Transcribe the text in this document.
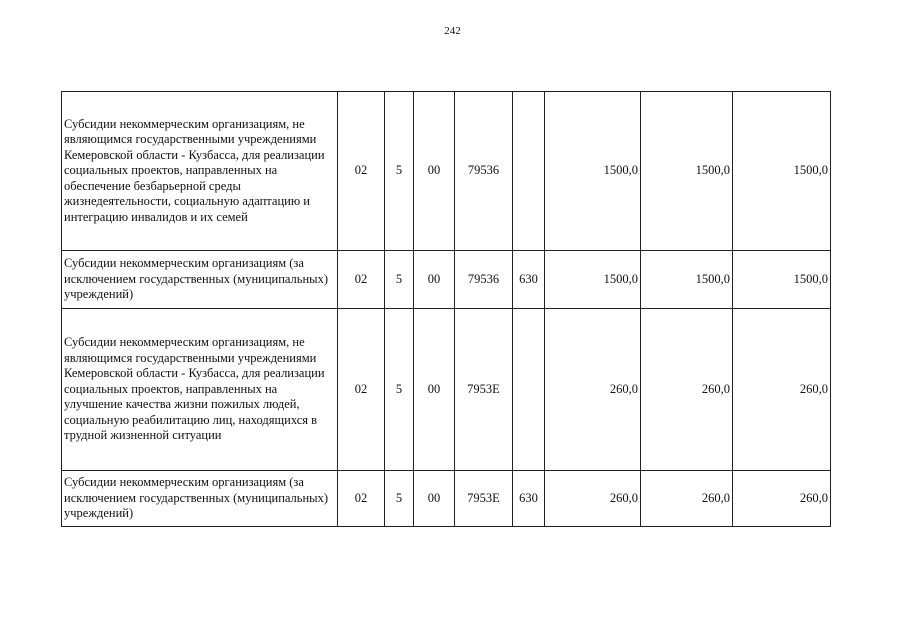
242
Субсидии некоммерческим организациям, не являющимся государственными учреждениями Кемеровской области - Кузбасса, для реализации социальных проектов, направленных на обеспечение безбарьерной среды жизнедеятельности, социальную адаптацию и интеграцию инвалидов и их семей	02	5	00	79536		1500,0	1500,0	1500,0
Субсидии некоммерческим организациям (за исключением государственных (муниципальных) учреждений)	02	5	00	79536	630	1500,0	1500,0	1500,0
Субсидии некоммерческим организациям, не являющимся государственными учреждениями Кемеровской области - Кузбасса, для реализации социальных проектов, направленных на улучшение качества жизни пожилых людей, социальную реабилитацию лиц, находящихся в трудной жизненной ситуации	02	5	00	7953E		260,0	260,0	260,0
Субсидии некоммерческим организациям (за исключением государственных (муниципальных) учреждений)	02	5	00	7953E	630	260,0	260,0	260,0
